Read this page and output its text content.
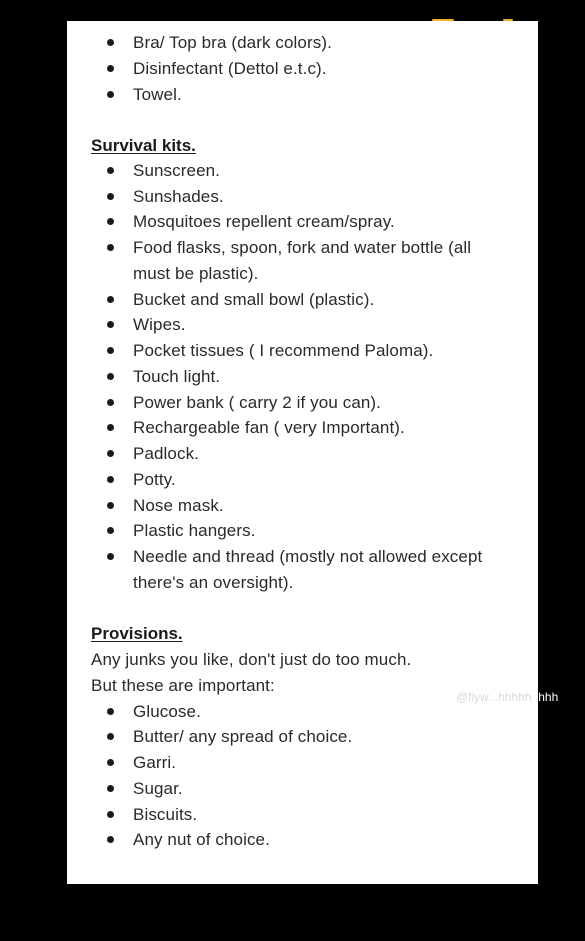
Bra/ Top bra (dark colors).
Disinfectant (Dettol e.t.c).
Towel.
Survival kits.
Sunscreen.
Sunshades.
Mosquitoes repellent cream/spray.
Food flasks, spoon, fork and water bottle (all
must be plastic).
Bucket and small bowl (plastic).
Wipes.
Pocket tissues ( I recommend Paloma).
Touch light.
Power bank ( carry 2 if you can).
Rechargeable fan ( very Important).
Padlock.
Potty.
Nose mask.
Plastic hangers.
Needle and thread (mostly not allowed except
there's an oversight).
Provisions.
Any junks you like, don't just do too much.
But these are important:
Glucose.
Butter/ any spread of choice.
Garri.
Sugar.
Biscuits.
Any nut of choice.
@fiyw...hhhhhhhhh
